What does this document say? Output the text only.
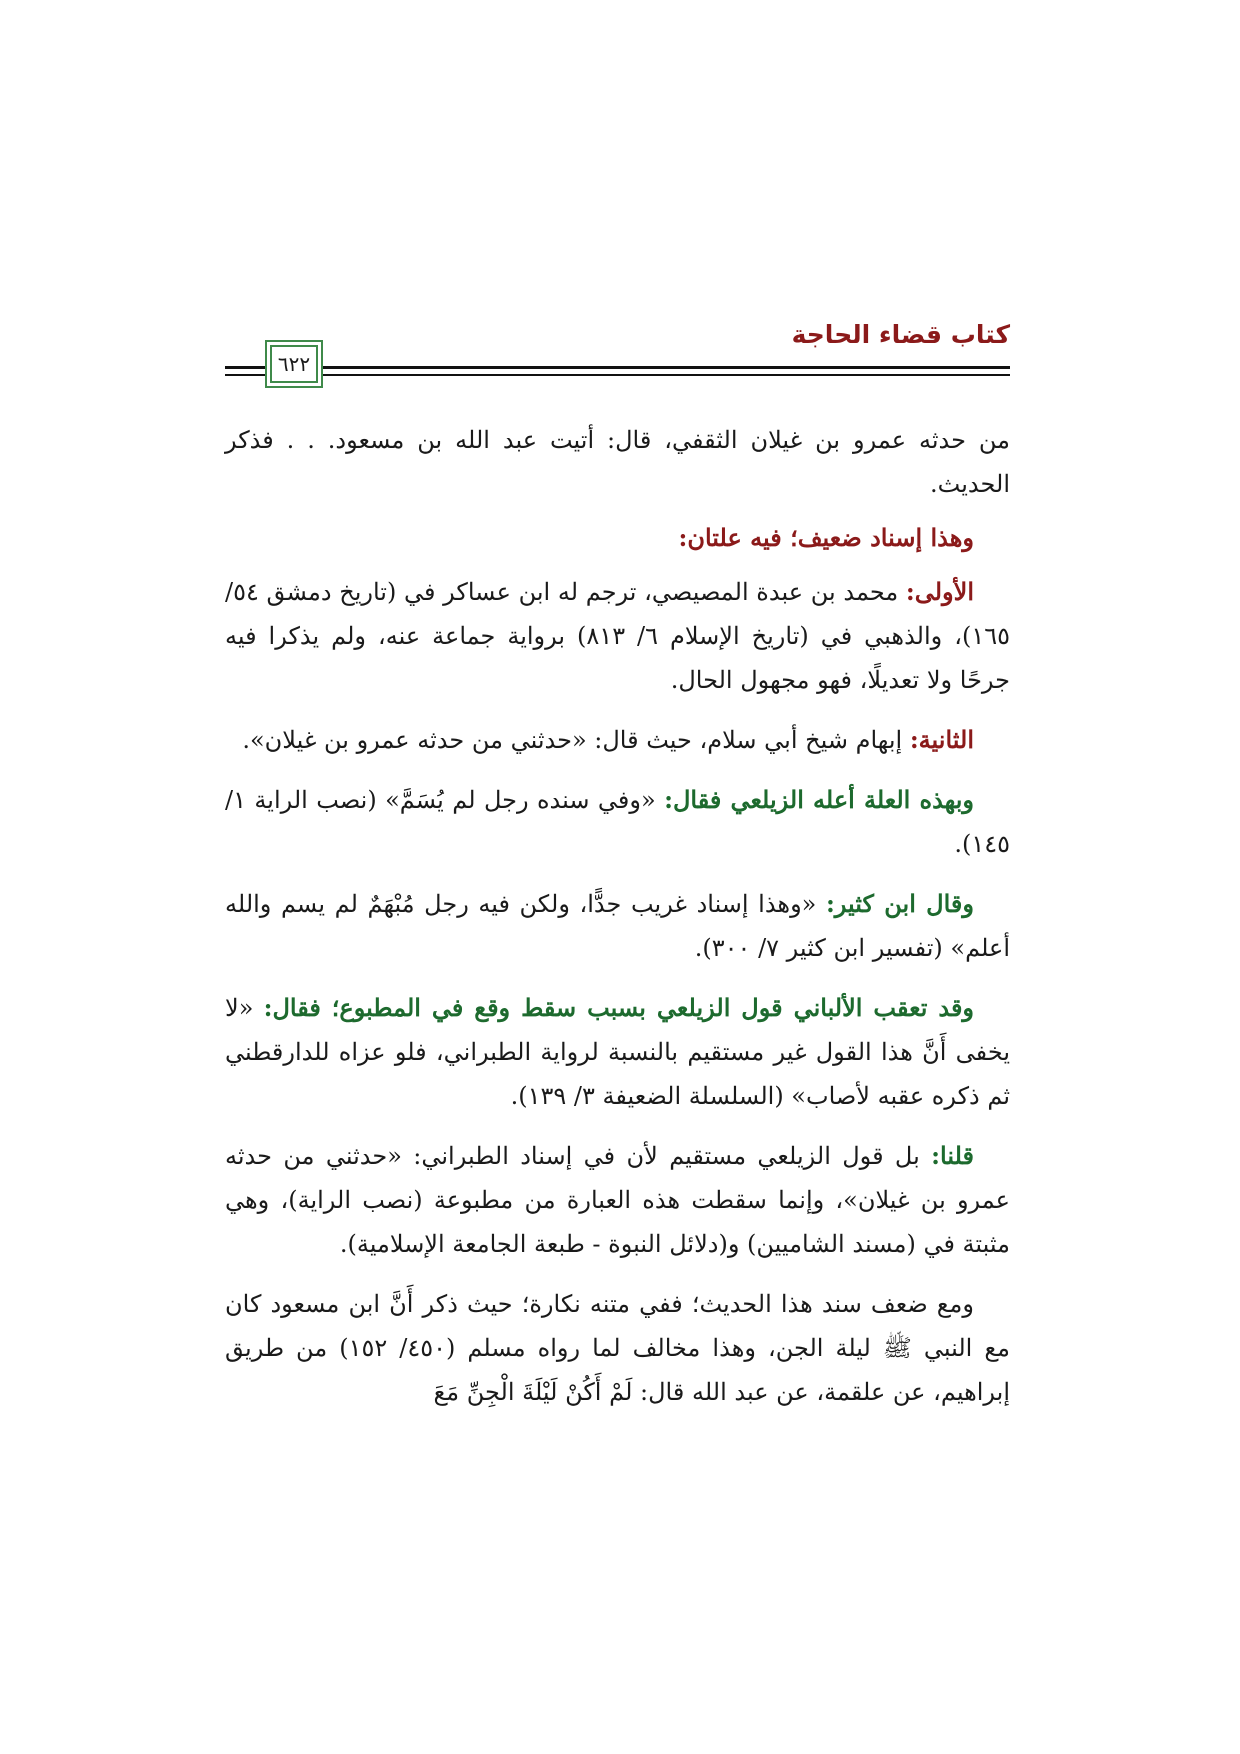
كتاب قضاء الحاجة
٦٢٢

من حدثه عمرو بن غيلان الثقفي، قال: أتيت عبد الله بن مسعود. . . فذكر الحديث.

وهذا إسناد ضعيف؛ فيه علتان:

الأولى: محمد بن عبدة المصيصي، ترجم له ابن عساكر في (تاريخ دمشق ٥٤/ ١٦٥)، والذهبي في (تاريخ الإسلام ٦/ ٨١٣) برواية جماعة عنه، ولم يذكرا فيه جرحًا ولا تعديلًا، فهو مجهول الحال.

الثانية: إبهام شيخ أبي سلام، حيث قال: «حدثني من حدثه عمرو بن غيلان».

وبهذه العلة أعله الزيلعي فقال: «وفي سنده رجل لم يُسَمَّ» (نصب الراية ١/ ١٤٥).

وقال ابن كثير: «وهذا إسناد غريب جدًّا، ولكن فيه رجل مُبْهَمٌ لم يسم والله أعلم» (تفسير ابن كثير ٧/ ٣٠٠).

وقد تعقب الألباني قول الزيلعي بسبب سقط وقع في المطبوع؛ فقال: «لا يخفى أَنَّ هذا القول غير مستقيم بالنسبة لرواية الطبراني، فلو عزاه للدارقطني ثم ذكره عقبه لأصاب» (السلسلة الضعيفة ٣/ ١٣٩).

قلنا: بل قول الزيلعي مستقيم لأن في إسناد الطبراني: «حدثني من حدثه عمرو بن غيلان»، وإنما سقطت هذه العبارة من مطبوعة (نصب الراية)، وهي مثبتة في (مسند الشاميين) و(دلائل النبوة - طبعة الجامعة الإسلامية).

ومع ضعف سند هذا الحديث؛ ففي متنه نكارة؛ حيث ذكر أَنَّ ابن مسعود كان مع النبي ﷺ ليلة الجن، وهذا مخالف لما رواه مسلم (٤٥٠/ ١٥٢) من طريق إبراهيم، عن علقمة، عن عبد الله قال: لَمْ أَكُنْ لَيْلَةَ الْجِنِّ مَعَ
